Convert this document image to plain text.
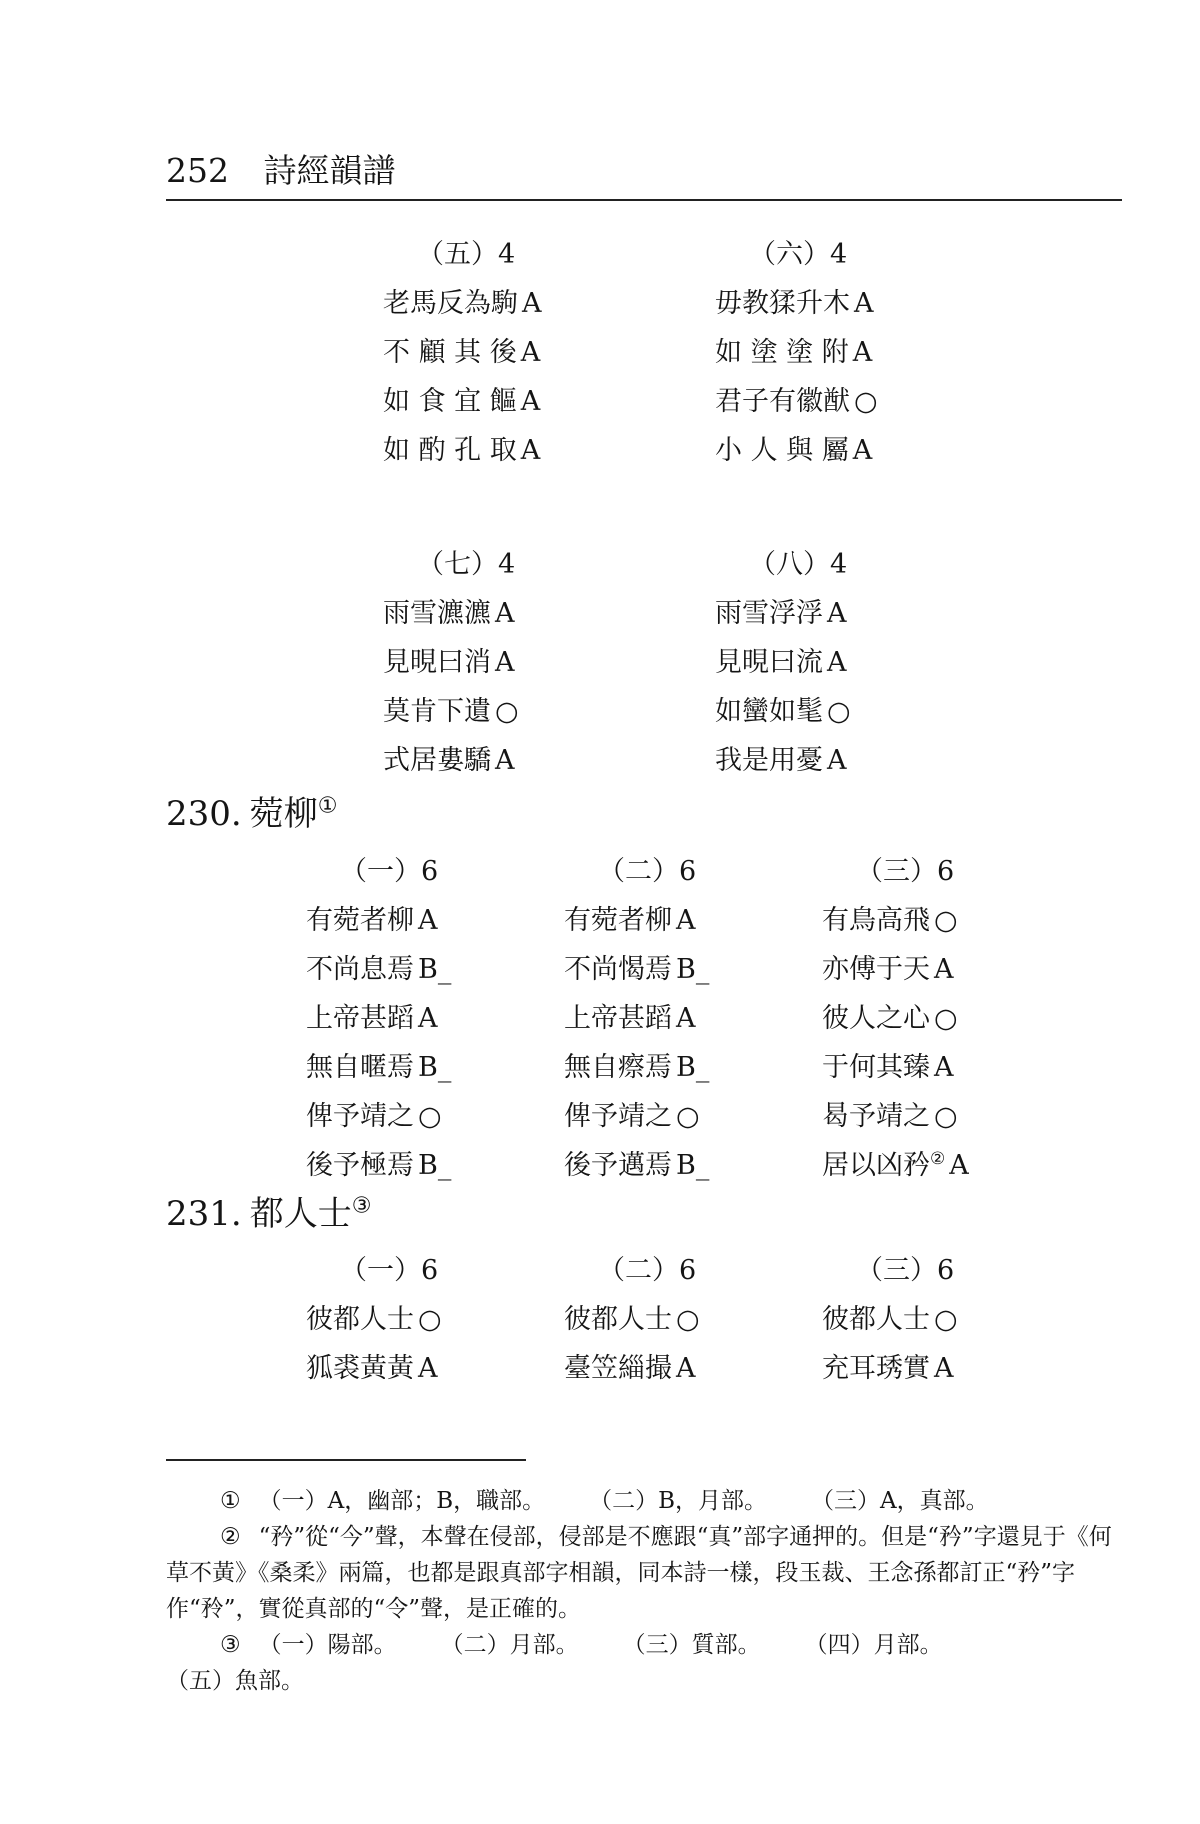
252 詩經韻譜
（五）4
老馬反為駒 A
不 顧 其 後 A
如 食 宜 饇 A
如 酌 孔 取 A
（六）4
毋教猱升木 A
如 塗 塗 附 A
君子有徽猷 ○
小 人 與 屬 A
（七）4
雨雪瀌瀌 A
見晛曰消 A
莫肯下遺 ○
式居婁驕 A
（八）4
雨雪浮浮 A
見晛曰流 A
如蠻如髦 ○
我是用憂 A
230. 菀柳①
（一）6
有菀者柳 A
不尚息焉 B_
上帝甚蹈 A
無自暱焉 B_
俾予靖之 ○
後予極焉 B_
（二）6
有菀者柳 A
不尚愒焉 B_
上帝甚蹈 A
無自瘵焉 B_
俾予靖之 ○
後予邁焉 B_
（三）6
有鳥高飛 ○
亦傅于天 A
彼人之心 ○
于何其臻 A
曷予靖之 ○
居以凶矜② A
231. 都人士③
（一）6
彼都人士 ○
狐裘黃黃 A
（二）6
彼都人士 ○
臺笠緇撮 A
（三）6
彼都人士 ○
充耳琇實 A

① （一）A，幽部；B，職部。 （二）B，月部。 （三）A，真部。

② “矜”從“今”聲，本聲在侵部，侵部是不應跟“真”部字通押的。但是“矜”字還見于《何草不黃》《桑柔》兩篇，也都是跟真部字相韻，同本詩一樣，段玉裁、王念孫都訂正“矜”字作“矝”，實從真部的“令”聲，是正確的。

③ （一）陽部。 （二）月部。 （三）質部。 （四）月部。

（五）魚部。
